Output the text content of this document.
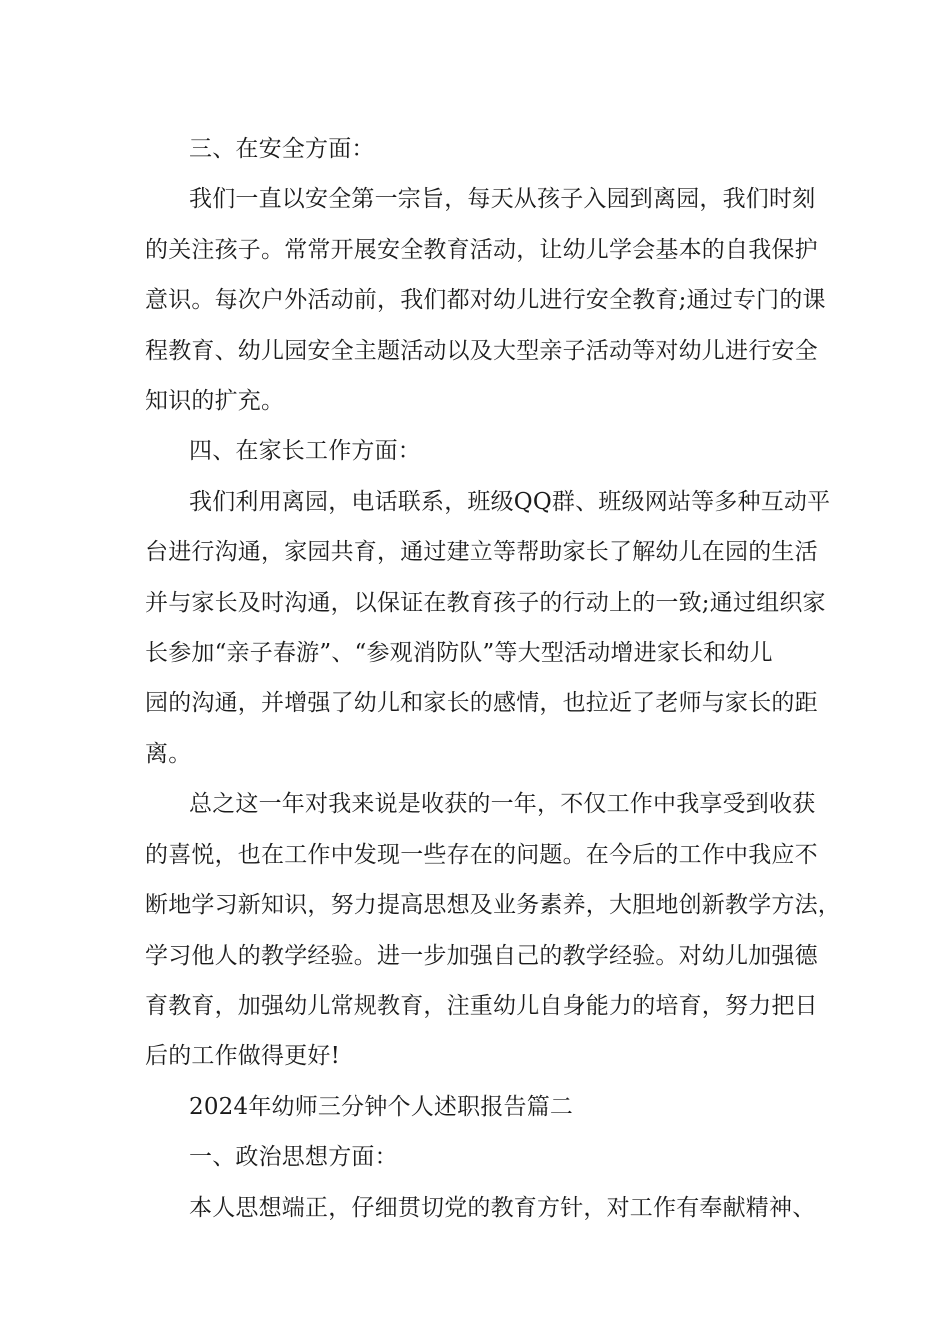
三、在安全方面：

我们一直以安全第一宗旨，每天从孩子入园到离园，我们时刻

的关注孩子。常常开展安全教育活动，让幼儿学会基本的自我保护

意识。每次户外活动前，我们都对幼儿进行安全教育;通过专门的课

程教育、幼儿园安全主题活动以及大型亲子活动等对幼儿进行安全

知识的扩充。

四、在家长工作方面：

我们利用离园，电话联系，班级QQ群、班级网站等多种互动平

台进行沟通，家园共育，通过建立等帮助家长了解幼儿在园的生活

并与家长及时沟通，以保证在教育孩子的行动上的一致;通过组织家

长参加“亲子春游”、“参观消防队”等大型活动增进家长和幼儿

园的沟通，并增强了幼儿和家长的感情，也拉近了老师与家长的距

离。

总之这一年对我来说是收获的一年，不仅工作中我享受到收获

的喜悦，也在工作中发现一些存在的问题。在今后的工作中我应不

断地学习新知识，努力提高思想及业务素养，大胆地创新教学方法，

学习他人的教学经验。进一步加强自己的教学经验。对幼儿加强德

育教育，加强幼儿常规教育，注重幼儿自身能力的培育，努力把日

后的工作做得更好!

2024年幼师三分钟个人述职报告篇二

一、政治思想方面：

本人思想端正，仔细贯切党的教育方针，对工作有奉献精神、
